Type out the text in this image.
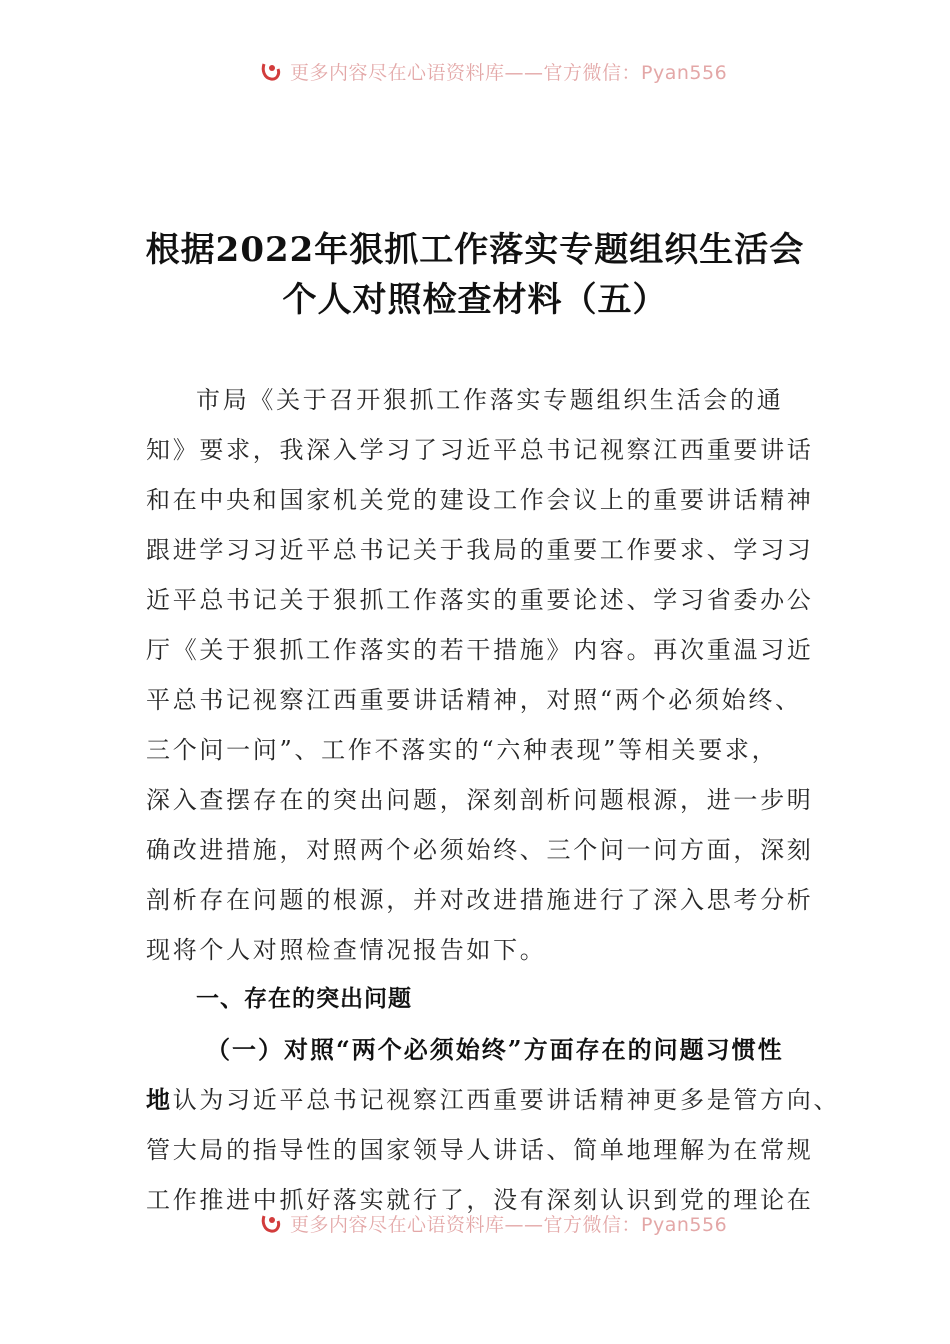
更多内容尽在心语资料库——官方微信：Pyan556
根据2022年狠抓工作落实专题组织生活会
个人对照检查材料（五）
市局《关于召开狠抓工作落实专题组织生活会的通
知》要求，我深入学习了习近平总书记视察江西重要讲话
和在中央和国家机关党的建设工作会议上的重要讲话精神
跟进学习习近平总书记关于我局的重要工作要求、学习习
近平总书记关于狠抓工作落实的重要论述、学习省委办公
厅《关于狠抓工作落实的若干措施》内容。再次重温习近
平总书记视察江西重要讲话精神，对照“两个必须始终、
三个问一问”、工作不落实的“六种表现”等相关要求，
深入查摆存在的突出问题，深刻剖析问题根源，进一步明
确改进措施，对照两个必须始终、三个问一问方面，深刻
剖析存在问题的根源，并对改进措施进行了深入思考分析
现将个人对照检查情况报告如下。
一、存在的突出问题
（一）对照“两个必须始终”方面存在的问题习惯性
地认为习近平总书记视察江西重要讲话精神更多是管方向、
管大局的指导性的国家领导人讲话、简单地理解为在常规
工作推进中抓好落实就行了，没有深刻认识到党的理论在
更多内容尽在心语资料库——官方微信：Pyan556
